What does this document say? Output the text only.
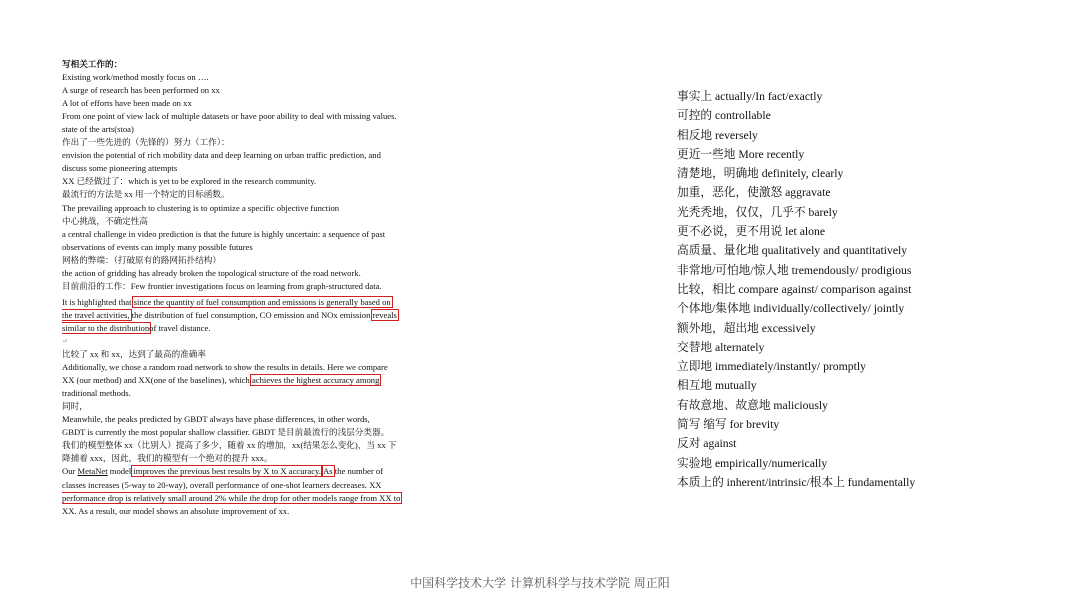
写相关工作的：
Existing work/method mostly focus on ….
A surge of research has been performed on xx
A lot of efforts have been made on xx
From one point of view lack of multiple datasets or have poor ability to deal with missing values.
state of the arts(stoa)
作出了一些先进的（先锋的）努力（工作）：
envision the potential of rich mobility data and deep learning on urban traffic prediction, and
discuss some pioneering attempts
XX 已经做过了：which is yet to be explored in the research community.
最流行的方法是 xx 用一个特定的目标函数。
The prevailing approach to clustering is to optimize a specific objective function
中心挑战，不确定性高
a central challenge in video prediction is that the future is highly uncertain: a sequence of past
observations of events can imply many possible futures
网格的弊端：（打破原有的路网拓扑结构）
the action of gridding has already broken the topological structure of the road network.
目前前沿的工作：Few frontier investigations focus on learning from graph-structured data.
It is highlighted that since the quantity of fuel consumption and emissions is generally based on
the travel activities, the distribution of fuel consumption, CO emission and NOx emission reveals
similar to the distributionof travel distance.
↵
比较了 xx 和 xx，达到了最高的准确率
Additionally, we chose a random road network to show the results in details. Here we compare
XX (our method) and XX(one of the baselines), which achieves the highest accuracy among
traditional methods.
同时，
Meanwhile, the peaks predicted by GBDT always have phase differences, in other words,
GBDT is currently the most popular shallow classifier. GBDT 是目前最流行的浅层分类器。
我们的模型整体 xx（比别人）提高了多少，随着 xx 的增加，xx(结果怎么变化)，当 xx 下
降捕着 xxx，因此，我们的模型有一个绝对的提升 xxx。
Our MetaNet model improves the previous best results by X to X accuracy. As the number of
classes increases (5-way to 20-way), overall performance of one-shot learners decreases. XX
performance drop is relatively small around 2% while the drop for other models range from XX to
XX. As a result, our model shows an absolute improvement of xx.
事实上 actually/In fact/exactly
可控的 controllable
相反地 reversely
更近一些地 More recently
清楚地，明确地 definitely, clearly
加重，恶化，使激怒 aggravate
光秃秃地，仅仅，几乎不 barely
更不必说，更不用说 let alone
高质量、量化地 qualitatively and quantitatively
非常地/可怕地/惊人地 tremendously/ prodigious
比较，相比 compare against/ comparison against
个体地/集体地 individually/collectively/ jointly
额外地，超出地 excessively
交替地 alternately
立即地 immediately/instantly/ promptly
相互地 mutually
有故意地、故意地 maliciously
简写 缩写 for brevity
反对 against
实验地 empirically/numerically
本质上的 inherent/intrinsic/根本上 fundamentally
中国科学技术大学 计算机科学与技术学院 周正阳
